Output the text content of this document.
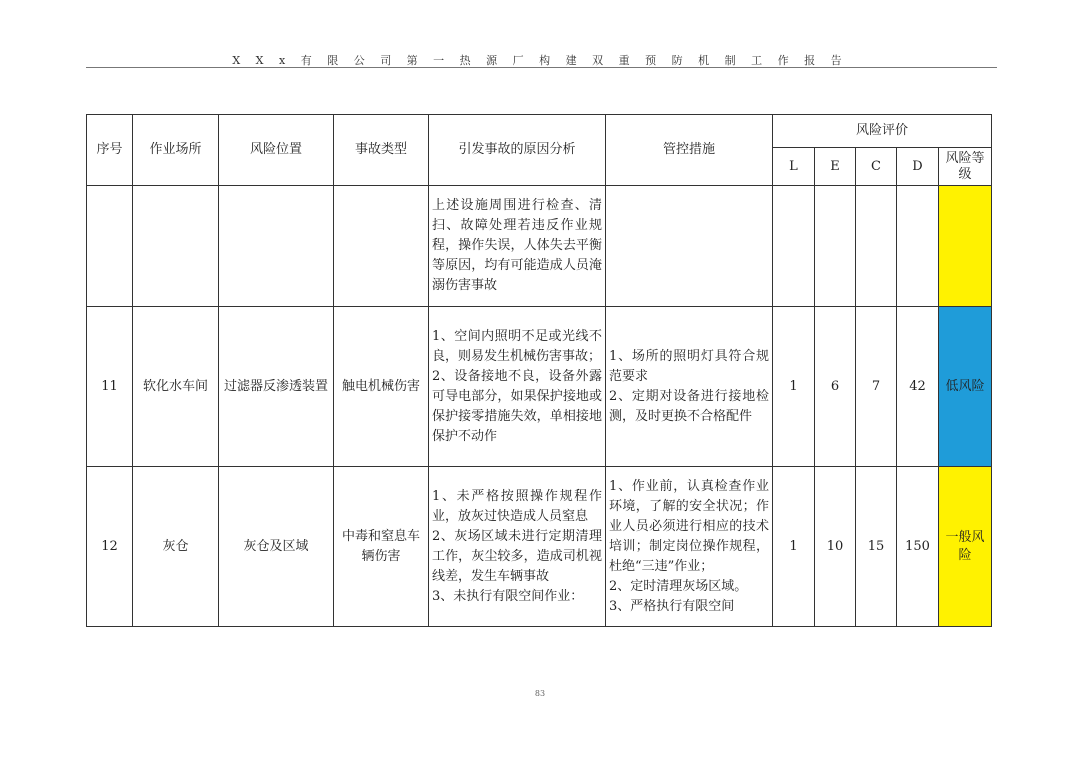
X X x 有 限 公 司 第 一 热 源 厂 构 建 双 重 预 防 机 制 工 作 报 告
序号	作业场所	风险位置	事故类型	引发事故的原因分析	管控措施	风险评价				
						L	E	C	D	风险等级

				上述设施周围进行检查、清扫、故障处理若违反作业规程，操作失误，人体失去平衡等原因，均有可能造成人员淹溺伤害事故						

11	软化水车间	过滤器反渗透装置	触电机械伤害	1、空间内照明不足或光线不良，则易发生机械伤害事故；
2、设备接地不良，设备外露可导电部分，如果保护接地或保护接零措施失效，单相接地保护不动作	1、场所的照明灯具符合规范要求
2、定期对设备进行接地检测，及时更换不合格配件	1	6	7	42	低风险
12	灰仓	灰仓及区域	中毒和窒息车辆伤害	1、未严格按照操作规程作业，放灰过快造成人员窒息
2、灰场区域未进行定期清理工作，灰尘较多，造成司机视线差，发生车辆事故
3、未执行有限空间作业：	1、作业前，认真检查作业环境，了解的安全状况；作业人员必须进行相应的技术培训；制定岗位操作规程，杜绝“三违”作业；
2、定时清理灰场区域。
3、严格执行有限空间	1	10	15	150	一般风险
83
